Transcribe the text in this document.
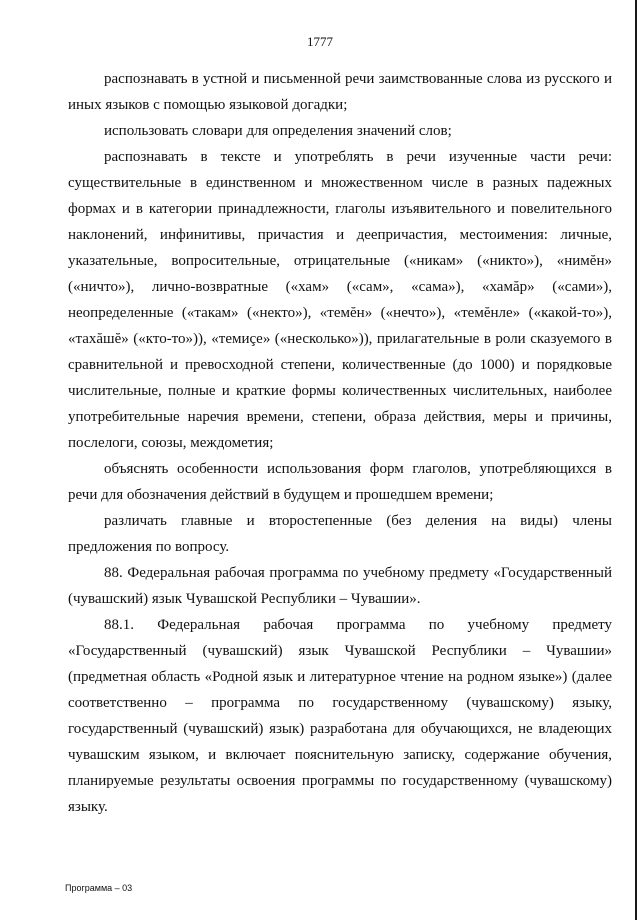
1777

распознавать в устной и письменной речи заимствованные слова из русского и иных языков с помощью языковой догадки;

использовать словари для определения значений слов;

распознавать в тексте и употреблять в речи изученные части речи: существительные в единственном и множественном числе в разных падежных формах и в категории принадлежности, глаголы изъявительного и повелительного наклонений, инфинитивы, причастия и деепричастия, местоимения: личные, указательные, вопросительные, отрицательные («никам» («никто»), «нимĕн» («ничто»), лично-возвратные («хам» («сам», «сама»), «хамăр» («сами»), неопределенные («такам» («некто»), «темĕн» («нечто»), «темĕнле» («какой-то»), «тахăшĕ» («кто-то»)), «темиçе» («несколько»)), прилагательные в роли сказуемого в сравнительной и превосходной степени, количественные (до 1000) и порядковые числительные, полные и краткие формы количественных числительных, наиболее употребительные наречия времени, степени, образа действия, меры и причины, послелоги, союзы, междометия;

объяснять особенности использования форм глаголов, употребляющихся в речи для обозначения действий в будущем и прошедшем времени;

различать главные и второстепенные (без деления на виды) члены предложения по вопросу.

88. Федеральная рабочая программа по учебному предмету «Государственный (чувашский) язык Чувашской Республики – Чувашии».

88.1. Федеральная рабочая программа по учебному предмету «Государственный (чувашский) язык Чувашской Республики – Чувашии» (предметная область «Родной язык и литературное чтение на родном языке») (далее соответственно – программа по государственному (чувашскому) языку, государственный (чувашский) язык) разработана для обучающихся, не владеющих чувашским языком, и включает пояснительную записку, содержание обучения, планируемые результаты освоения программы по государственному (чувашскому) языку.

Программа – 03
